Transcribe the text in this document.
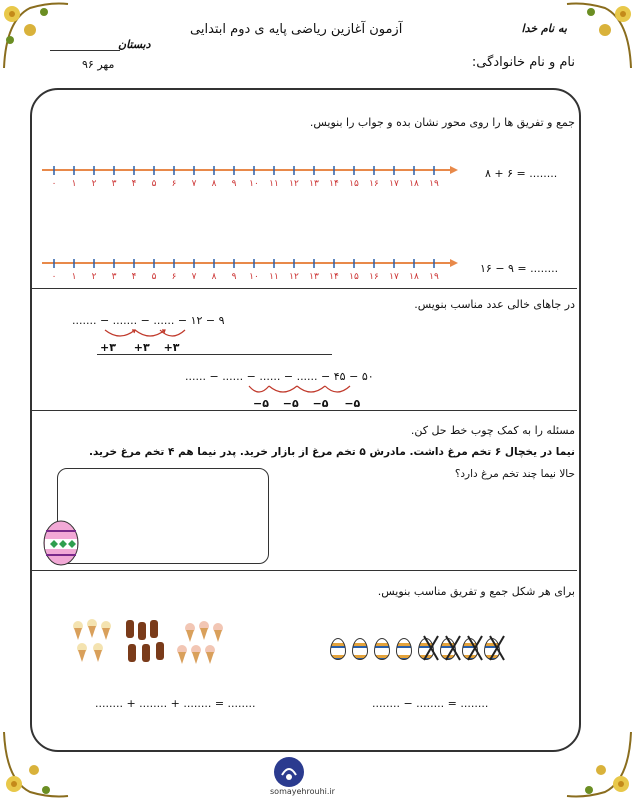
به نام خدا
آزمون آغازین ریاضی پایه ی دوم ابتدایی
دبستان
نام و نام خانوادگی:
مهر ۹۶
جمع و تفریق ها را روی محور نشان بده و جواب را بنویس.
۰ ۱ ۲ ۳ ۴ ۵ ۶ ۷ ۸ ۹ ۱۰ ۱۱ ۱۲ ۱۳ ۱۴ ۱۵ ۱۶ ۱۷ ۱۸ ۱۹
۸ + ۶ = ........
۰ ۱ ۲ ۳ ۴ ۵ ۶ ۷ ۸ ۹ ۱۰ ۱۱ ۱۲ ۱۳ ۱۴ ۱۵ ۱۶ ۱۷ ۱۸ ۱۹
۱۶ − ۹ = ........
در جاهای خالی عدد مناسب بنویس.
۹ − ۱۲ − ...... − ....... − .......
+۳ +۳ +۳
۵۰ − ۴۵ − ...... − ...... − ...... − ......
−۵ −۵ −۵ −۵
مسئله را به کمک چوب خط حل کن.
نیما در یخچال ۶ تخم مرغ داشت. مادرش ۵ تخم مرغ از بازار خرید. پدر نیما هم ۴ تخم مرغ خرید.
حالا نیما چند تخم مرغ دارد؟
برای هر شکل جمع و تفریق مناسب بنویس.
........ + ........ + ........ = ........	........ − ........ = ........
somayehrouhi.ir
